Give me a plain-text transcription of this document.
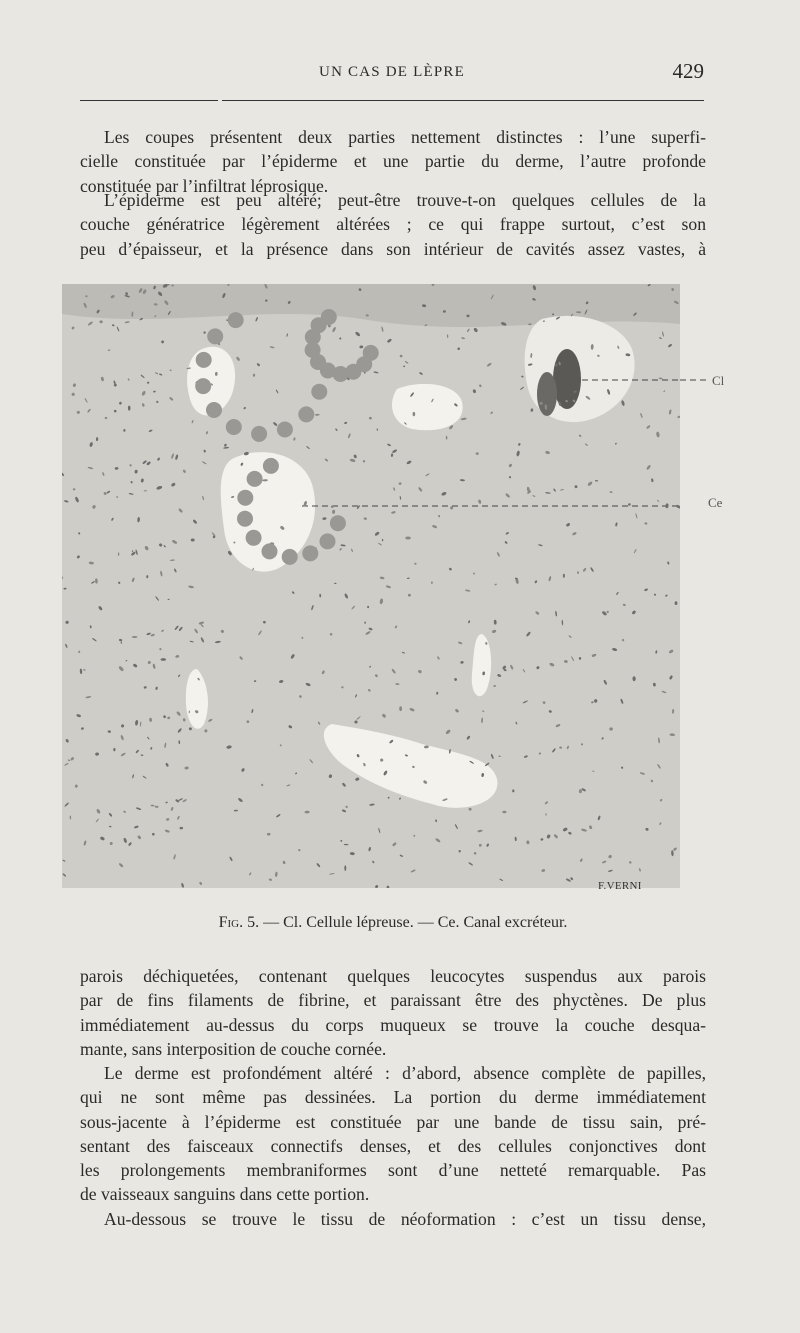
UN CAS DE LÈPRE	429
Les coupes présentent deux parties nettement distinctes : l’une superfi-
cielle constituée par l’épiderme et une partie du derme, l’autre profonde
constituée par l’infiltrat léprosique.
L’épiderme est peu altéré; peut-être trouve-t-on quelques cellules de la
couche génératrice légèrement altérées ; ce qui frappe surtout, c’est son
peu d’épaisseur, et la présence dans son intérieur de cavités assez vastes, à
Cl
Ce
F.VERNI
Fig. 5. — Cl. Cellule lépreuse. — Ce. Canal excréteur.
parois déchiquetées, contenant quelques leucocytes suspendus aux parois
par de fins filaments de fibrine, et paraissant être des phyctènes. De plus
immédiatement au-dessus du corps muqueux se trouve la couche desqua-
mante, sans interposition de couche cornée.
Le derme est profondément altéré : d’abord, absence complète de papilles,
qui ne sont même pas dessinées. La portion du derme immédiatement
sous-jacente à l’épiderme est constituée par une bande de tissu sain, pré-
sentant des faisceaux connectifs denses, et des cellules conjonctives dont
les prolongements membraniformes sont d’une netteté remarquable. Pas
de vaisseaux sanguins dans cette portion.
Au-dessous se trouve le tissu de néoformation : c’est un tissu dense,
